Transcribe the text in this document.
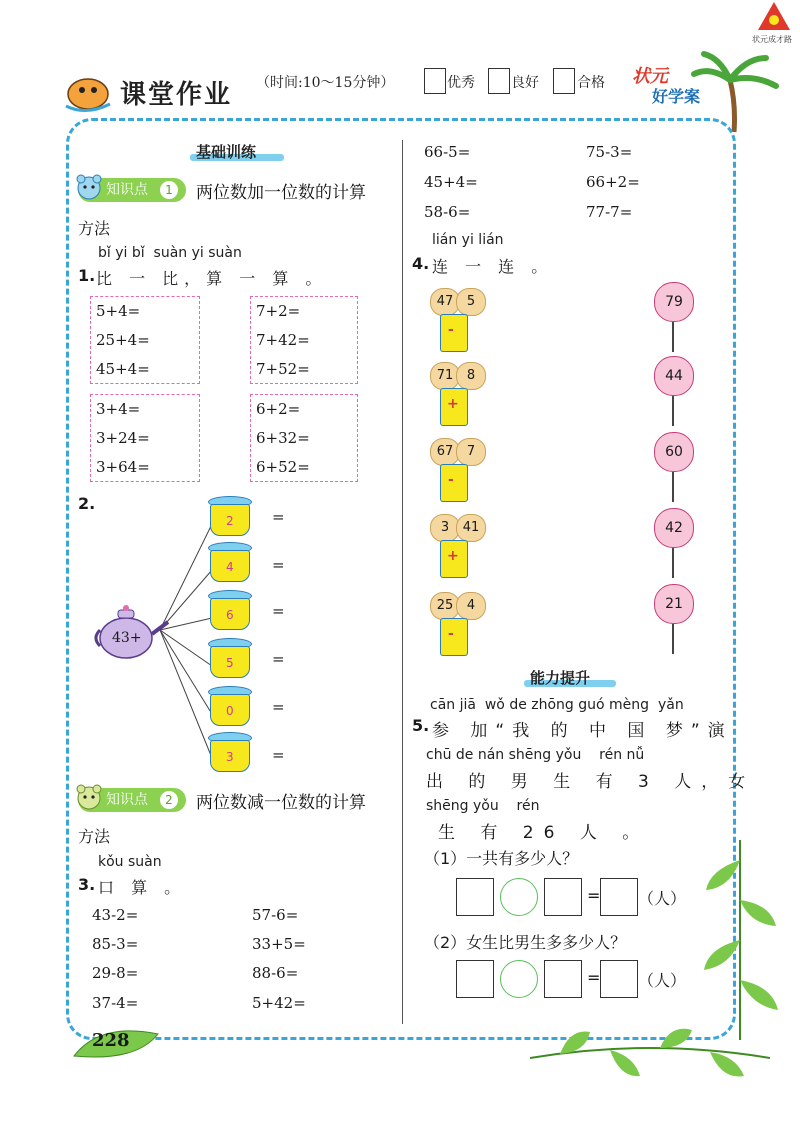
课堂作业 （时间:10～15分钟）	优秀	良好	合格 状元
好学案
状元成才路
基础训练
知识点	1	两位数加一位数的计算
方法
bǐ yi bǐ  suàn yi suàn
1. 比 一 比，算 一 算 。
5+4=
25+4=
45+4=
7+2=
7+42=
7+52=
3+4=
3+24=
3+64=
6+2=
6+32=
6+52=
2.
43+
2	=
4	=
6	=
5	=
0	=
3	=
知识点	2	两位数减一位数的计算
方法
kǒu suàn
3. 口 算 。
43-2=	57-6=
85-3=	33+5=
29-8=	88-6=
37-4=	5+42=
228
66-5=	75-3=
45+4=	66+2=
58-6=	77-7=
lián yi lián
4. 连 一 连 。
47	5
-
71	8
+
67	7
-
3	41
+
25	4
-
79
44
60
42
21
能力提升
cān jiā  wǒ de zhōng guó mèng  yǎn
5. 参 加“我 的 中 国 梦”演
chū de nán shēng yǒu    rén nǚ
出 的 男 生 有 3 人，女
shēng yǒu    rén
生 有 26 人 。
（1）一共有多少人？
= （人）
（2）女生比男生多多少人？
= （人）
